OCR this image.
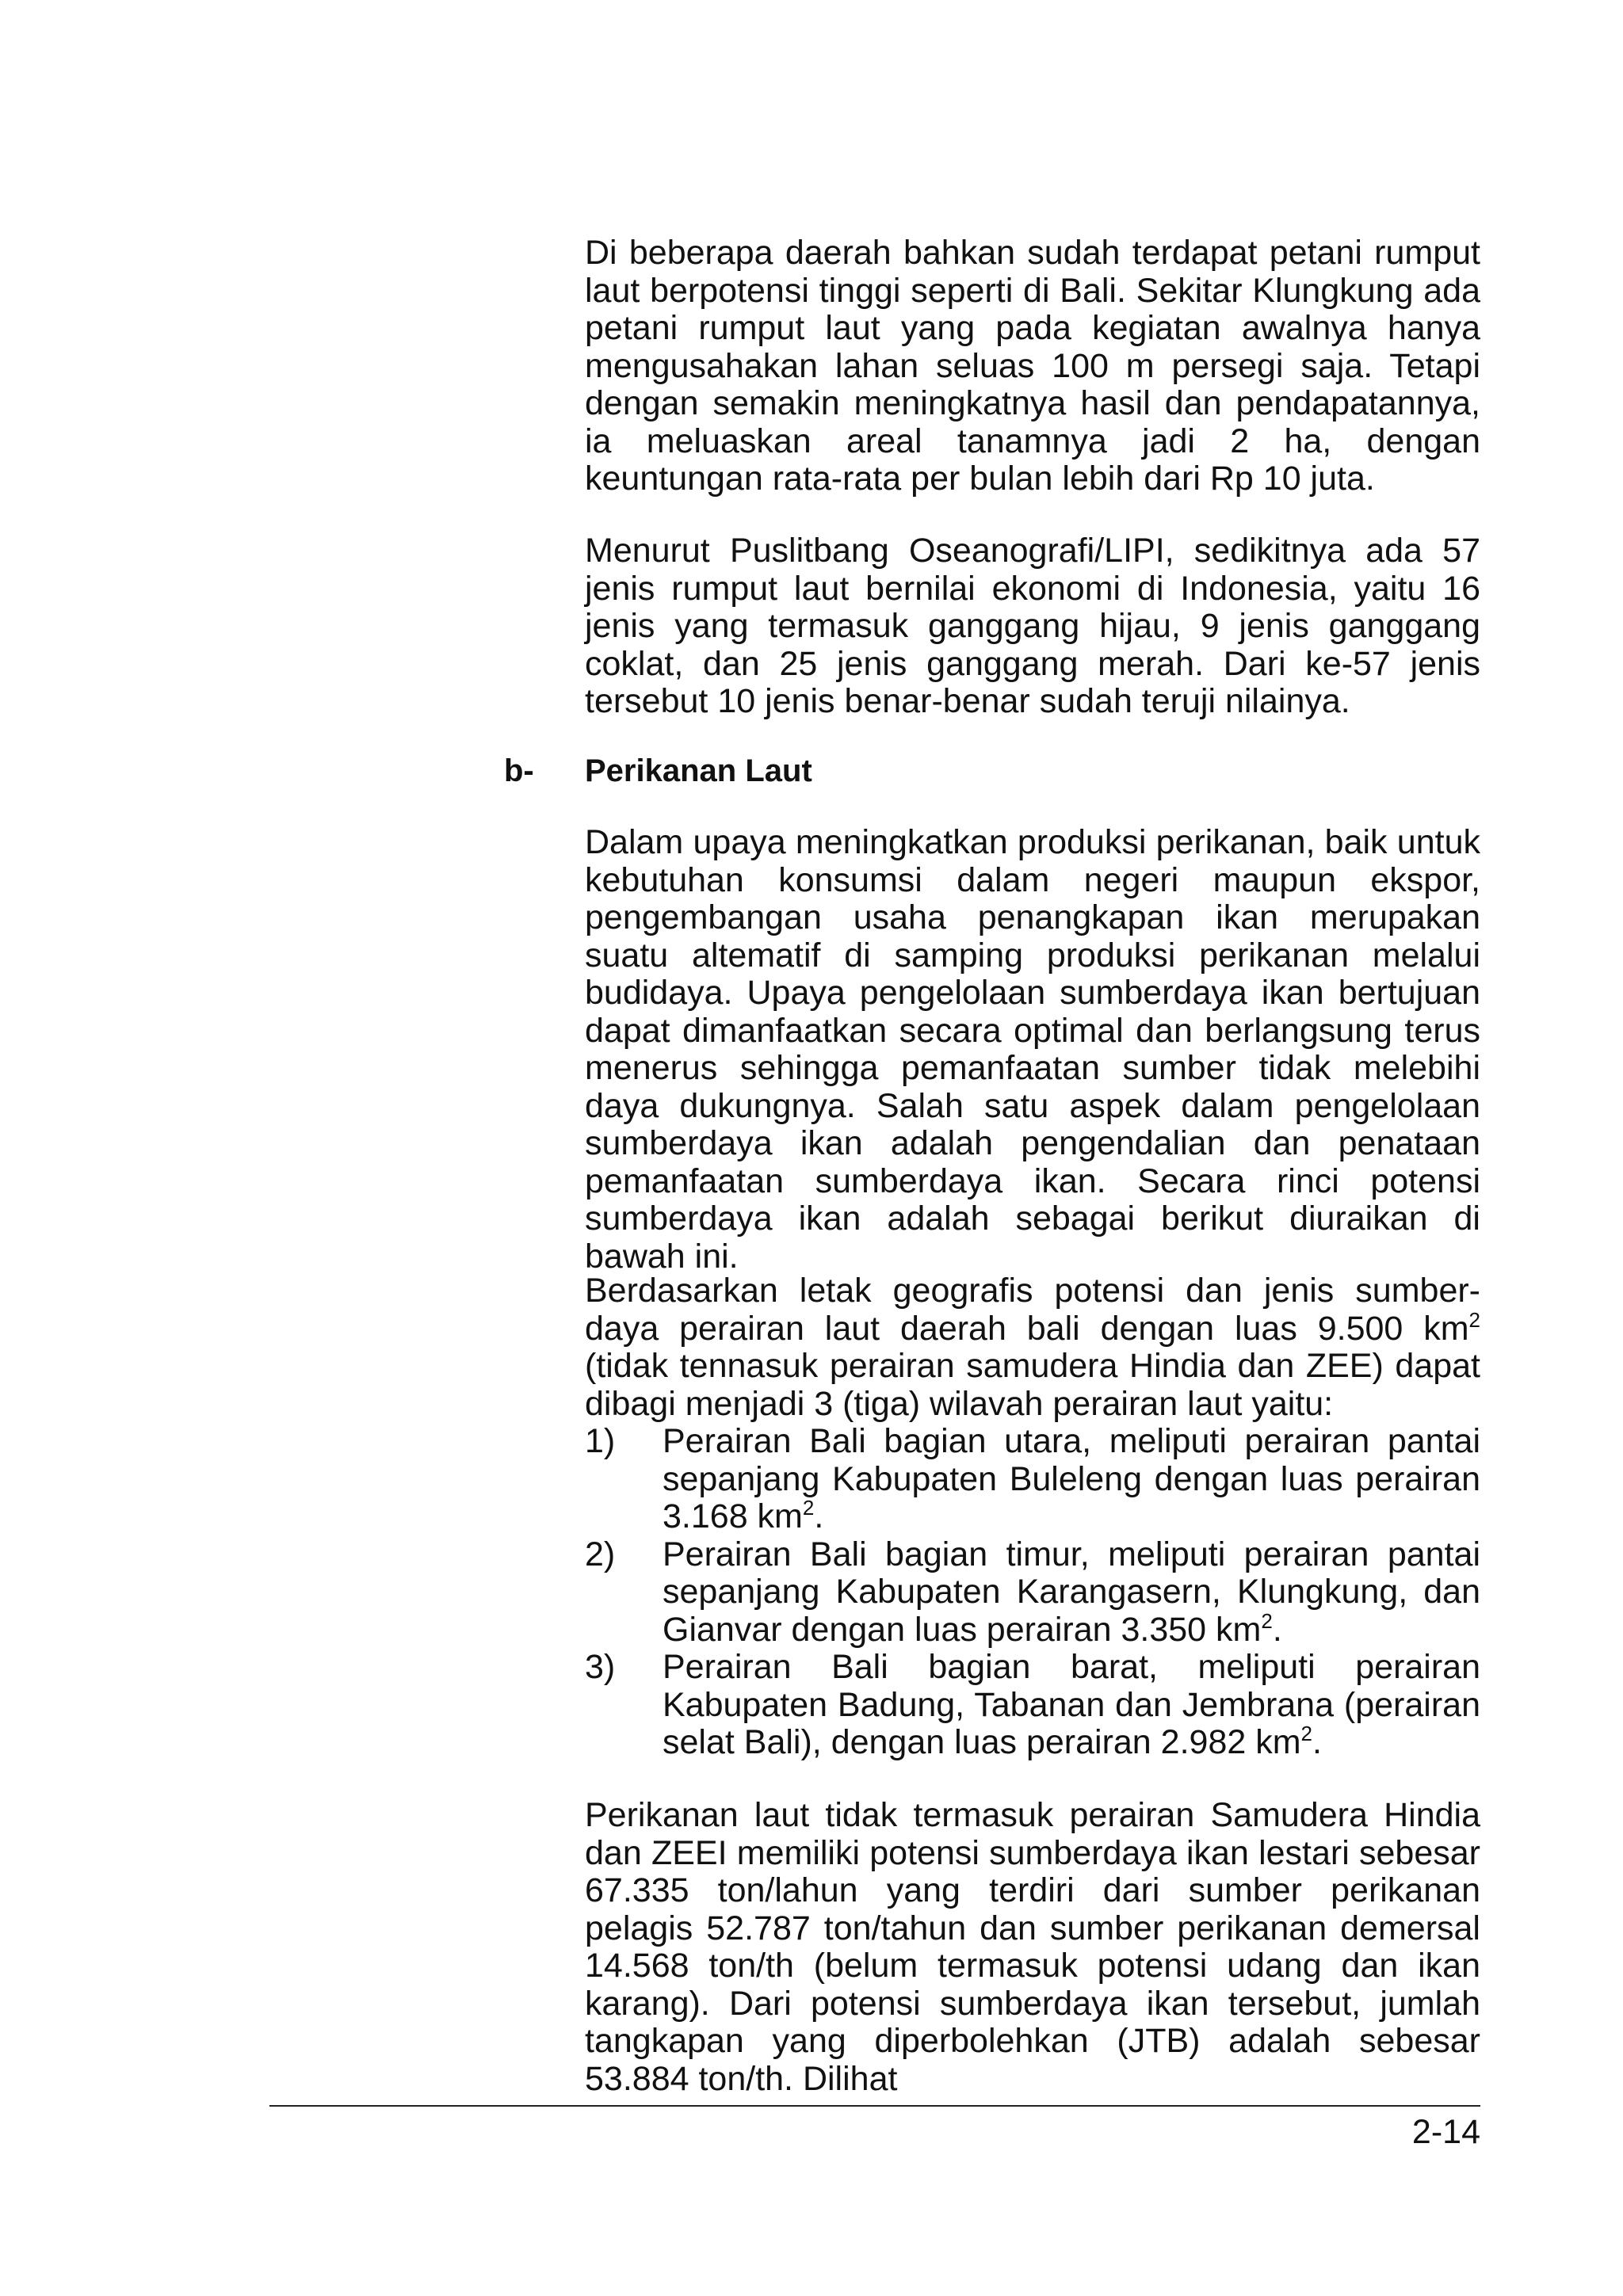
Di beberapa daerah bahkan sudah terdapat petani rumput laut berpotensi tinggi seperti di Bali. Sekitar Klungkung ada petani rumput laut yang pada kegiatan awalnya hanya mengusahakan lahan seluas 100 m persegi saja. Tetapi dengan semakin meningkatnya hasil dan pendapatannya, ia meluaskan areal tanamnya jadi 2 ha, dengan keuntungan rata-rata per bulan lebih dari Rp 10 juta.

Menurut Puslitbang Oseanografi/LIPI, sedikitnya ada 57 jenis rumput laut bernilai ekonomi di Indonesia, yaitu 16 jenis yang termasuk ganggang hijau, 9 jenis ganggang coklat, dan 25 jenis ganggang merah. Dari ke-57 jenis tersebut 10 jenis benar-benar sudah teruji nilainya.

b- Perikanan Laut

Dalam upaya meningkatkan produksi perikanan, baik untuk kebutuhan konsumsi dalam negeri maupun ekspor, pengembangan usaha penangkapan ikan merupakan suatu altematif di samping produksi perikanan melalui budidaya. Upaya pengelolaan sumberdaya ikan bertujuan dapat dimanfaatkan secara optimal dan berlangsung terus menerus sehingga pemanfaatan sumber tidak melebihi daya dukungnya. Salah satu aspek dalam pengelolaan sumberdaya ikan adalah pengendalian dan penataan pemanfaatan sumberdaya ikan. Secara rinci potensi sumberdaya ikan adalah sebagai berikut diuraikan di bawah ini.

Berdasarkan letak geografis potensi dan jenis sumber-daya perairan laut daerah bali dengan luas 9.500 $km^2$ (tidak tennasuk perairan samudera Hindia dan ZEE) dapat dibagi menjadi 3 (tiga) wilavah perairan laut yaitu:

1) Perairan Bali bagian utara, meliputi perairan pantai sepanjang Kabupaten Buleleng dengan luas perairan 3.168 $km^2$.
2) Perairan Bali bagian timur, meliputi perairan pantai sepanjang Kabupaten Karangasern, Klungkung, dan Gianvar dengan luas perairan 3.350 $km^2$.
3) Perairan Bali bagian barat, meliputi perairan Kabupaten Badung, Tabanan dan Jembrana (perairan selat Bali), dengan luas perairan 2.982 $km^2$.

Perikanan laut tidak termasuk perairan Samudera Hindia dan ZEEI memiliki potensi sumberdaya ikan lestari sebesar 67.335 ton/lahun yang terdiri dari sumber perikanan pelagis 52.787 ton/tahun dan sumber perikanan demersal 14.568 ton/th (belum termasuk potensi udang dan ikan karang). Dari potensi sumberdaya ikan tersebut, jumlah tangkapan yang diperbolehkan (JTB) adalah sebesar 53.884 ton/th. Dilihat

2-14
